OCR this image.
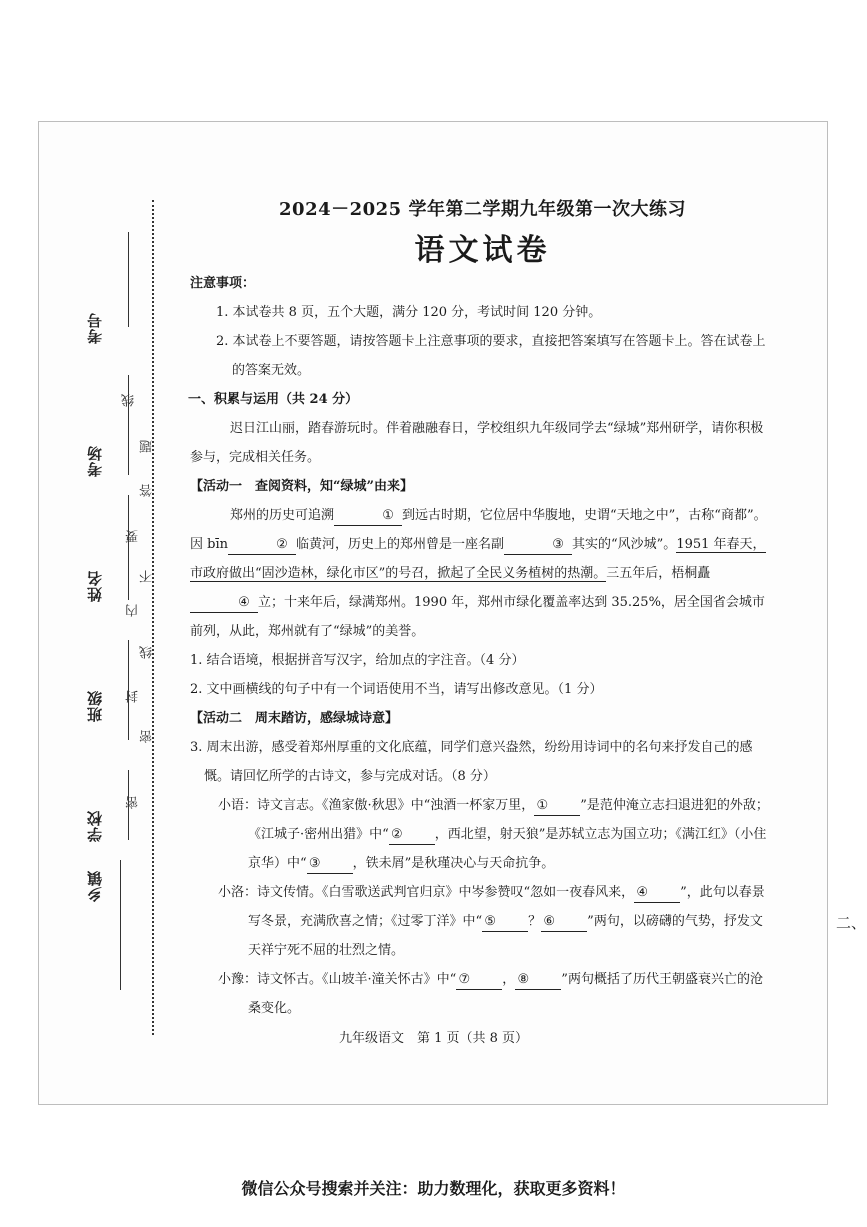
考号
考场
姓名
班级
学校
乡镇
线
题
答
要
不
内
线
封
密
密
2024－2025 学年第二学期九年级第一次大练习
语文试卷

注意事项：

1. 本试卷共 8 页，五个大题，满分 120 分，考试时间 120 分钟。

2. 本试卷上不要答题，请按答题卡上注意事项的要求，直接把答案填写在答题卡上。答在试卷上的答案无效。

一、积累与运用（共 24 分）

迟日江山丽，踏春游玩时。伴着融融春日，学校组织九年级同学去“绿城”郑州研学，请你积极参与，完成相关任务。

【活动一　查阅资料，知“绿城”由来】

郑州的历史可追溯	① 到远古时期，它位居中华腹地，史谓“天地之中”，古称“商都”。因 bīn	② 临黄河，历史上的郑州曾是一座名副	③ 其实的“风沙城”。1951 年春天，市政府做出“固沙造林，绿化市区”的号召，掀起了全民义务植树的热潮。三五年后，梧桐矗④ 立；十来年后，绿满郑州。1990 年，郑州市绿化覆盖率达到 35.25%，居全国省会城市前列，从此，郑州就有了“绿城”的美誉。

1. 结合语境，根据拼音写汉字，给加点的字注音。（4 分）

2. 文中画横线的句子中有一个词语使用不当，请写出修改意见。（1 分）

【活动二　周末踏访，感绿城诗意】

3. 周末出游，感受着郑州厚重的文化底蕴，同学们意兴盎然，纷纷用诗词中的名句来抒发自己的感慨。请回忆所学的古诗文，参与完成对话。（8 分）

小语：诗文言志。《渔家傲·秋思》中“浊酒一杯家万里， ① ”是范仲淹立志扫退进犯的外敌；《江城子·密州出猎》中“ ② ，西北望，射天狼”是苏轼立志为国立功；《满江红》（小住京华）中“ ③ ，铁未屑”是秋瑾决心与天命抗争。

小洛：诗文传情。《白雪歌送武判官归京》中岑参赞叹“忽如一夜春风来， ④ ”，此句以春景写冬景，充满欣喜之情；《过零丁洋》中“ ⑤ ？ ⑥ ”两句，以磅礴的气势，抒发文天祥宁死不屈的壮烈之情。

小豫：诗文怀古。《山坡羊·潼关怀古》中“ ⑦ ， ⑧ ”两句概括了历代王朝盛衰兴亡的沧桑变化。

九年级语文　第 1 页（共 8 页）
二、
微信公众号搜索并关注：助力数理化，获取更多资料！
